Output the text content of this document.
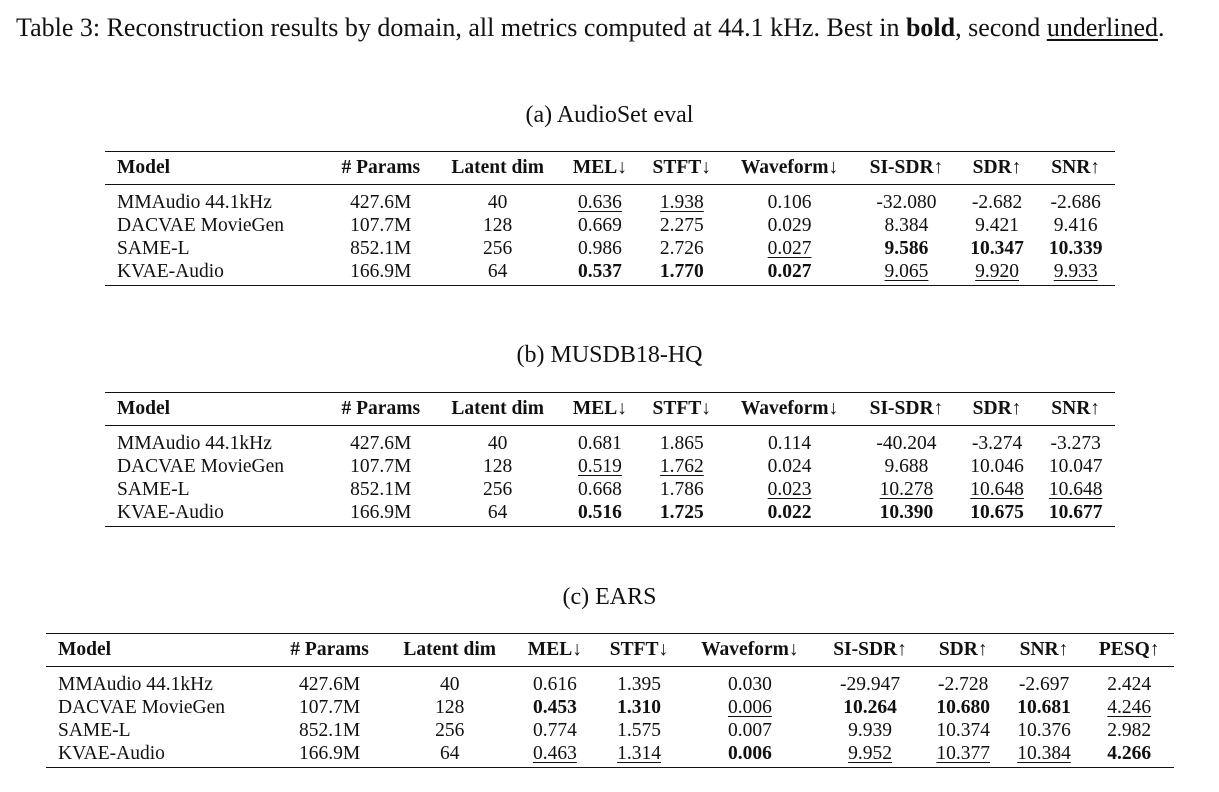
Table 3: Reconstruction results by domain, all metrics computed at 44.1 kHz. Best in bold, second underlined.
(a) AudioSet eval
Model	# Params	Latent dim	MEL↓	STFT↓	Waveform↓	SI-SDR↑	SDR↑	SNR↑
MMAudio 44.1kHz	427.6M	40	0.636	1.938	0.106	-32.080	-2.682	-2.686
DACVAE MovieGen	107.7M	128	0.669	2.275	0.029	8.384	9.421	9.416
SAME-L	852.1M	256	0.986	2.726	0.027	9.586	10.347	10.339
KVAE-Audio	166.9M	64	0.537	1.770	0.027	9.065	9.920	9.933
(b) MUSDB18-HQ
Model	# Params	Latent dim	MEL↓	STFT↓	Waveform↓	SI-SDR↑	SDR↑	SNR↑
MMAudio 44.1kHz	427.6M	40	0.681	1.865	0.114	-40.204	-3.274	-3.273
DACVAE MovieGen	107.7M	128	0.519	1.762	0.024	9.688	10.046	10.047
SAME-L	852.1M	256	0.668	1.786	0.023	10.278	10.648	10.648
KVAE-Audio	166.9M	64	0.516	1.725	0.022	10.390	10.675	10.677
(c) EARS
Model	# Params	Latent dim	MEL↓	STFT↓	Waveform↓	SI-SDR↑	SDR↑	SNR↑	PESQ↑
MMAudio 44.1kHz	427.6M	40	0.616	1.395	0.030	-29.947	-2.728	-2.697	2.424
DACVAE MovieGen	107.7M	128	0.453	1.310	0.006	10.264	10.680	10.681	4.246
SAME-L	852.1M	256	0.774	1.575	0.007	9.939	10.374	10.376	2.982
KVAE-Audio	166.9M	64	0.463	1.314	0.006	9.952	10.377	10.384	4.266
